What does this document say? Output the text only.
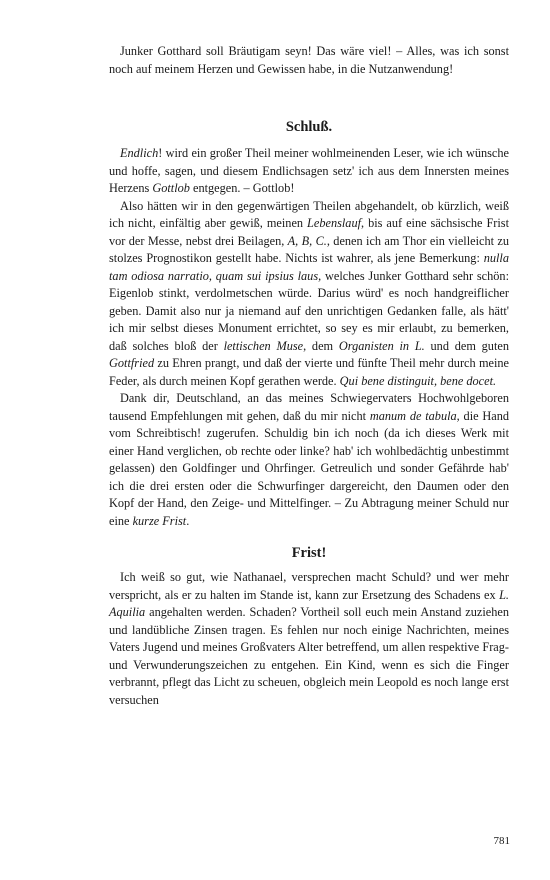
Junker Gotthard soll Bräutigam seyn! Das wäre viel! – Alles, was ich sonst noch auf meinem Herzen und Gewissen habe, in die Nutzanwendung!

Schluß.

Endlich! wird ein großer Theil meiner wohlmeinenden Leser, wie ich wünsche und hoffe, sagen, und diesem Endlichsagen setz' ich aus dem Innersten meines Herzens Gottlob entgegen. – Gottlob!

Also hätten wir in den gegenwärtigen Theilen abgehandelt, ob kürzlich, weiß ich nicht, einfältig aber gewiß, meinen Lebenslauf, bis auf eine sächsische Frist vor der Messe, nebst drei Beilagen, A, B, C., denen ich am Thor ein vielleicht zu stolzes Prognostikon gestellt habe. Nichts ist wahrer, als jene Bemerkung: nulla tam odiosa narratio, quam sui ipsius laus, welches Junker Gotthard sehr schön: Eigenlob stinkt, verdolmetschen würde. Darius würd' es noch handgreiflicher geben. Damit also nur ja niemand auf den unrichtigen Gedanken falle, als hätt' ich mir selbst dieses Monument errichtet, so sey es mir erlaubt, zu bemerken, daß solches bloß der lettischen Muse, dem Organisten in L. und dem guten Gottfried zu Ehren prangt, und daß der vierte und fünfte Theil mehr durch meine Feder, als durch meinen Kopf gerathen werde. Qui bene distinguit, bene docet.

Dank dir, Deutschland, an das meines Schwiegervaters Hochwohlgeboren tausend Empfehlungen mit gehen, daß du mir nicht manum de tabula, die Hand vom Schreibtisch! zugerufen. Schuldig bin ich noch (da ich dieses Werk mit einer Hand verglichen, ob rechte oder linke? hab' ich wohlbedächtig unbestimmt gelassen) den Goldfinger und Ohrfinger. Getreulich und sonder Gefährde hab' ich die drei ersten oder die Schwurfinger dargereicht, den Daumen oder den Kopf der Hand, den Zeige- und Mittelfinger. – Zu Abtragung meiner Schuld nur eine kurze Frist.

Frist!

Ich weiß so gut, wie Nathanael, versprechen macht Schuld? und wer mehr verspricht, als er zu halten im Stande ist, kann zur Ersetzung des Schadens ex L. Aquilia angehalten werden. Schaden? Vortheil soll euch mein Anstand zuziehen und landübliche Zinsen tragen. Es fehlen nur noch einige Nachrichten, meines Vaters Jugend und meines Großvaters Alter betreffend, um allen respektive Frag- und Verwunderungszeichen zu entgehen. Ein Kind, wenn es sich die Finger verbrannt, pflegt das Licht zu scheuen, obgleich mein Leopold es noch lange erst versuchen

781
